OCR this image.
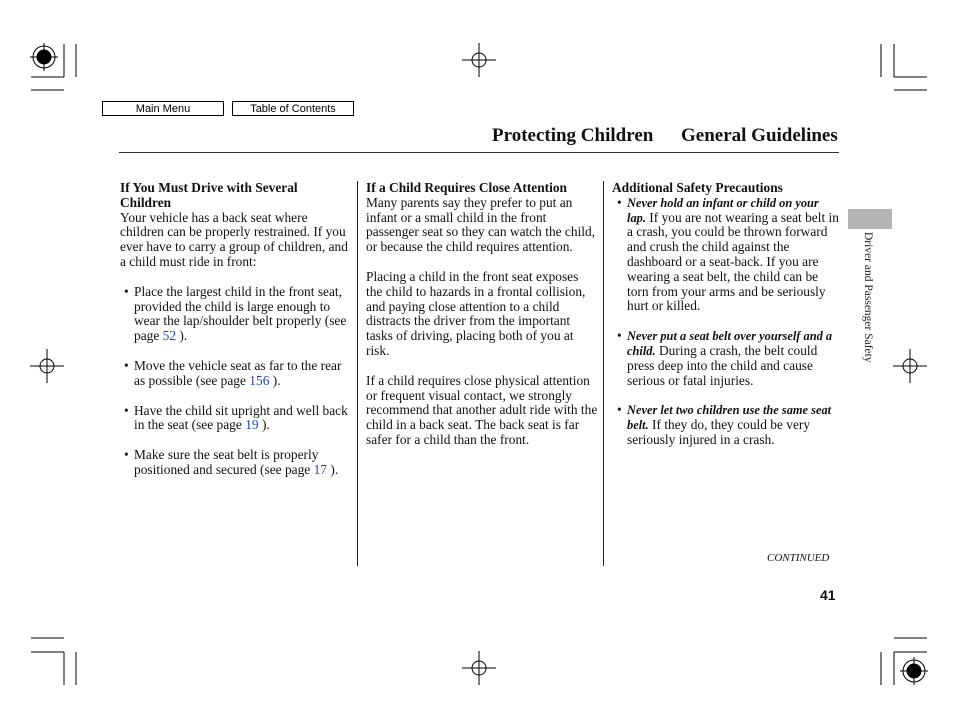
Main Menu	Table of Contents
Protecting Children General Guidelines
If You Must Drive with Several Children

Your vehicle has a back seat where children can be properly restrained. If you ever have to carry a group of children, and a child must ride in front:

• Place the largest child in the front seat, provided the child is large enough to wear the lap/shoulder belt properly (see page 52 ).
• Move the vehicle seat as far to the rear as possible (see page 156 ).
• Have the child sit upright and well back in the seat (see page 19 ).
• Make sure the seat belt is properly positioned and secured (see page 17 ).
If a Child Requires Close Attention

Many parents say they prefer to put an infant or a small child in the front passenger seat so they can watch the child, or because the child requires attention.

Placing a child in the front seat exposes the child to hazards in a frontal collision, and paying close attention to a child distracts the driver from the important tasks of driving, placing both of you at risk.

If a child requires close physical attention or frequent visual contact, we strongly recommend that another adult ride with the child in a back seat. The back seat is far safer for a child than the front.

Additional Safety Precautions
• Never hold an infant or child on your lap. If you are not wearing a seat belt in a crash, you could be thrown forward and crush the child against the dashboard or a seat-back. If you are wearing a seat belt, the child can be torn from your arms and be seriously hurt or killed.
• Never put a seat belt over yourself and a child. During a crash, the belt could press deep into the child and cause serious or fatal injuries.
• Never let two children use the same seat belt. If they do, they could be very seriously injured in a crash.
Driver and Passenger Safety
CONTINUED
41
